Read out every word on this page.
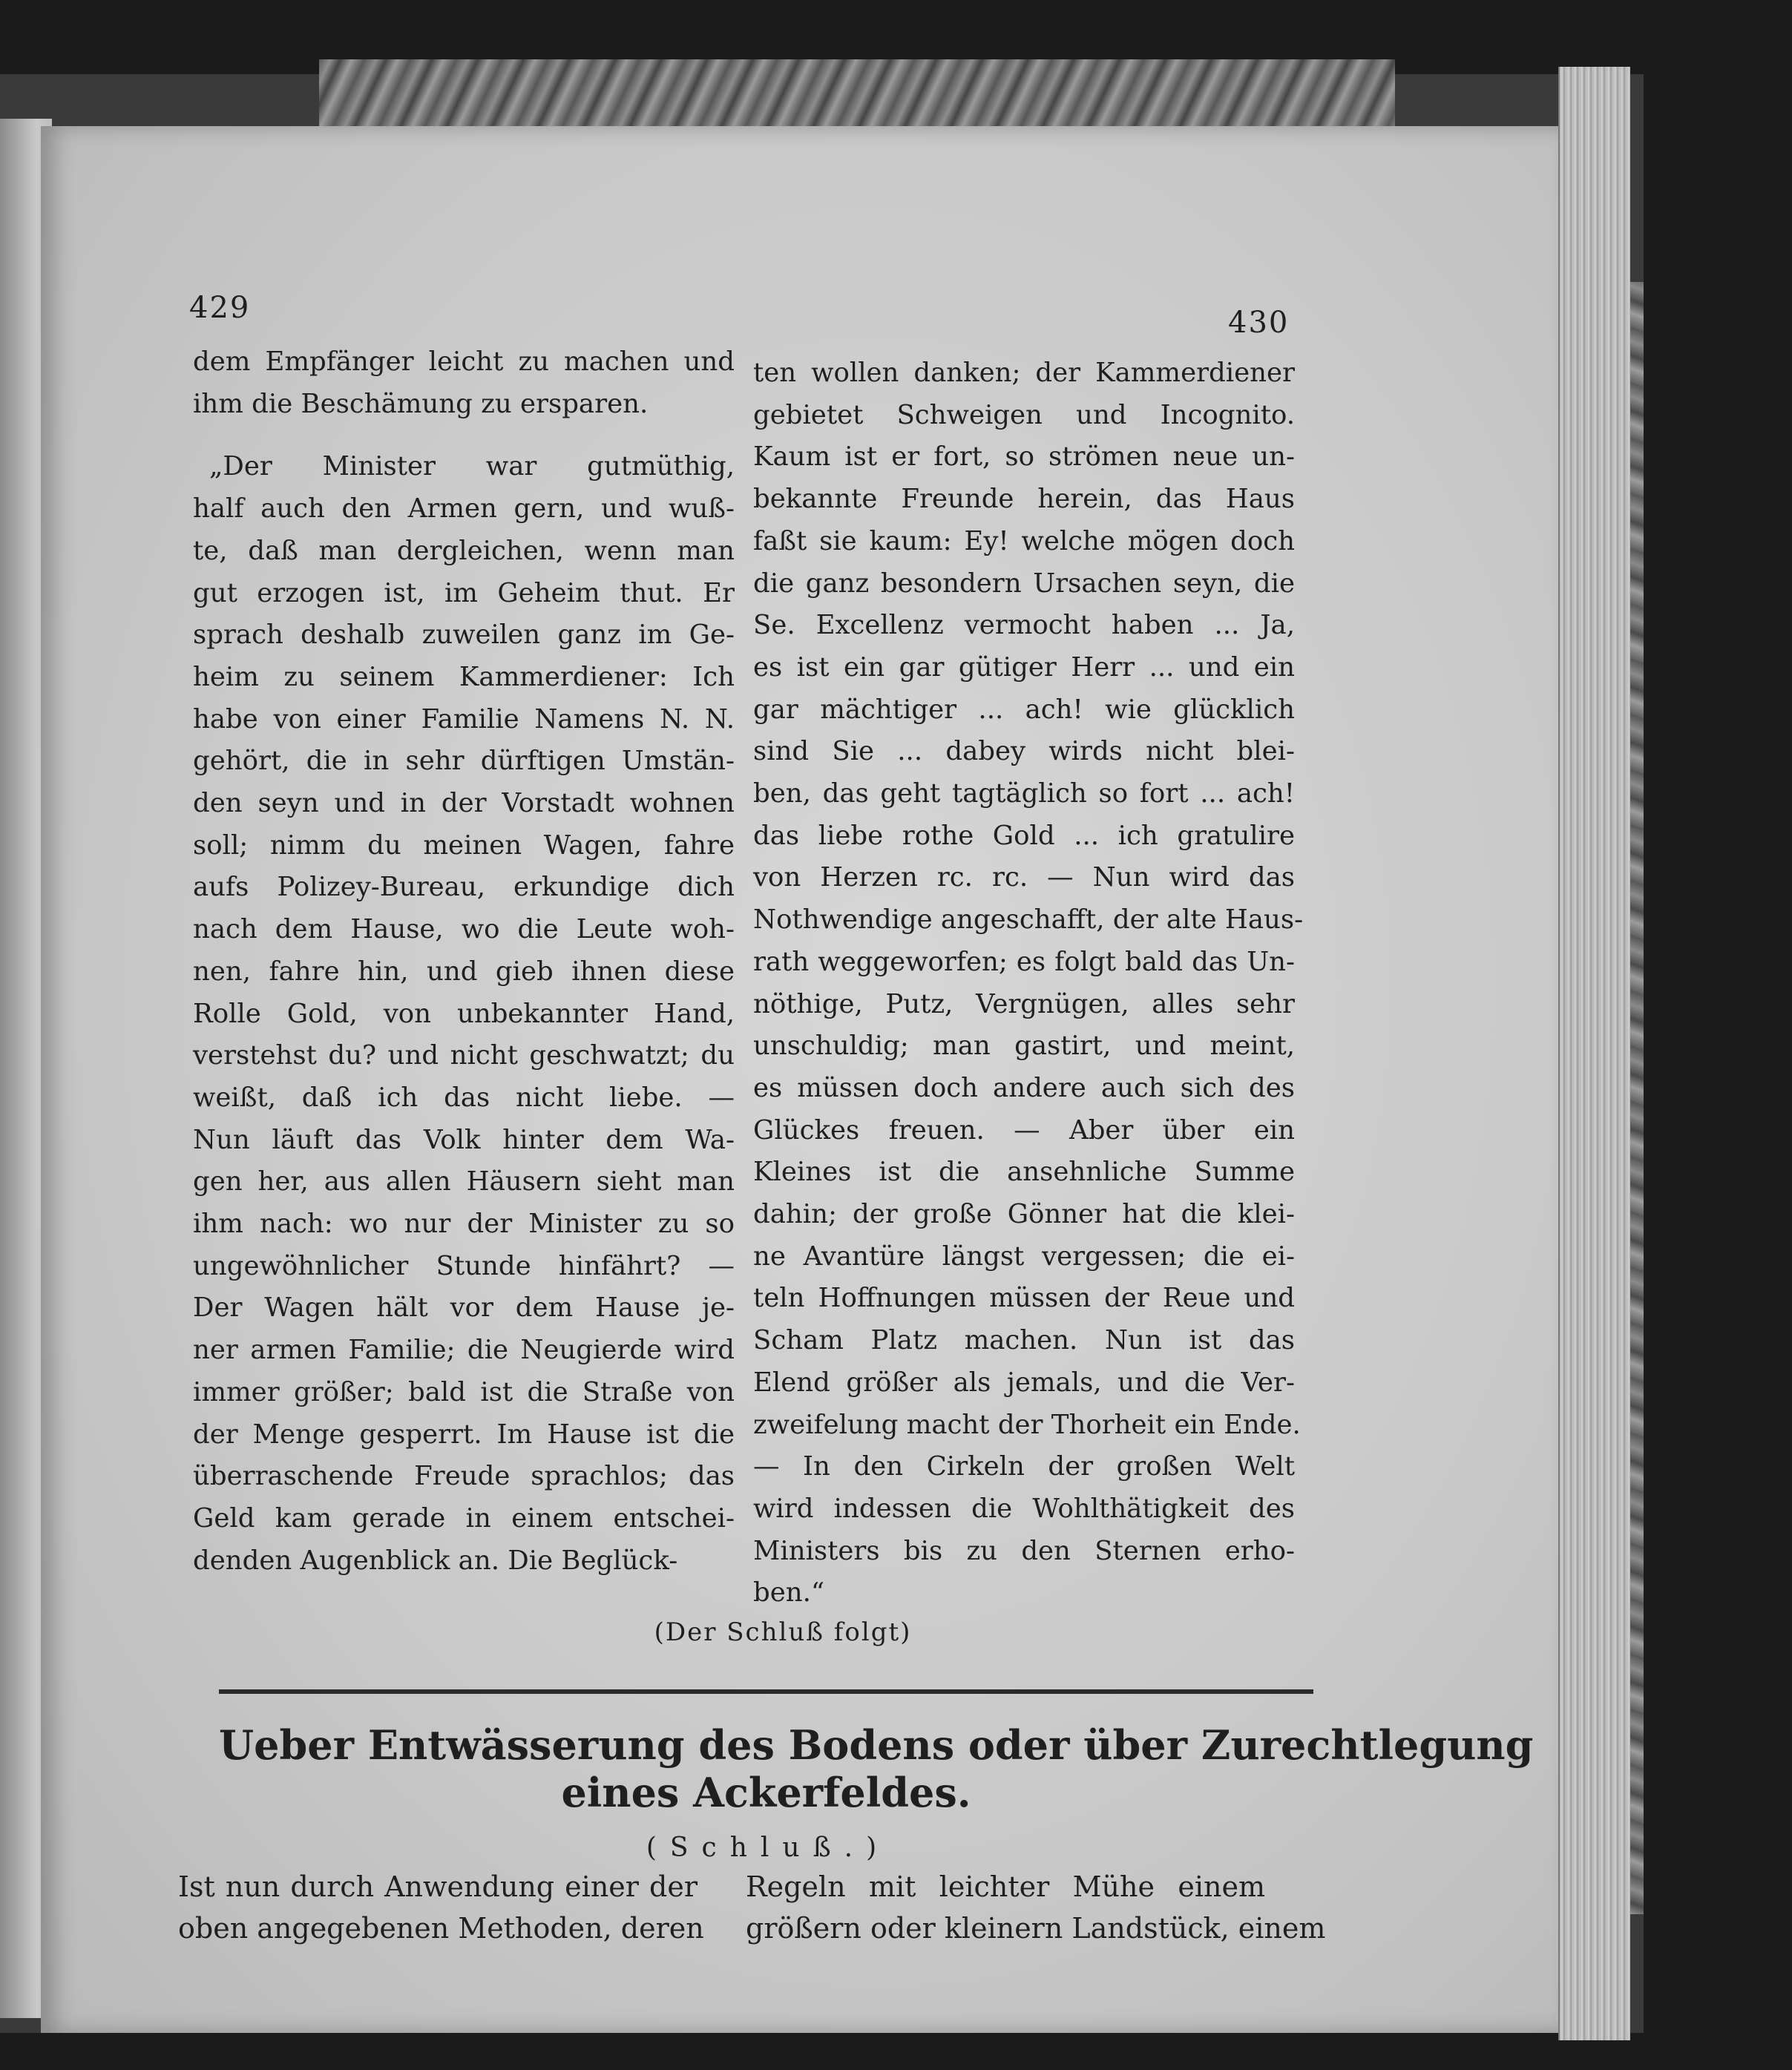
429	430
dem Empfänger leicht zu machen und
ihm die Beschämung zu ersparen.
„Der Minister war gutmüthig,
half auch den Armen gern, und wuß-
te, daß man dergleichen, wenn man
gut erzogen ist, im Geheim thut. Er
sprach deshalb zuweilen ganz im Ge-
heim zu seinem Kammerdiener: Ich
habe von einer Familie Namens N. N.
gehört, die in sehr dürftigen Umstän-
den seyn und in der Vorstadt wohnen
soll; nimm du meinen Wagen, fahre
aufs Polizey-Bureau, erkundige dich
nach dem Hause, wo die Leute woh-
nen, fahre hin, und gieb ihnen diese
Rolle Gold, von unbekannter Hand,
verstehst du? und nicht geschwatzt; du
weißt, daß ich das nicht liebe. —
Nun läuft das Volk hinter dem Wa-
gen her, aus allen Häusern sieht man
ihm nach: wo nur der Minister zu so
ungewöhnlicher Stunde hinfährt? —
Der Wagen hält vor dem Hause je-
ner armen Familie; die Neugierde wird
immer größer; bald ist die Straße von
der Menge gesperrt. Im Hause ist die
überraschende Freude sprachlos; das
Geld kam gerade in einem entschei-
denden Augenblick an. Die Beglück-
ten wollen danken; der Kammerdiener
gebietet Schweigen und Incognito.
Kaum ist er fort, so strömen neue un-
bekannte Freunde herein, das Haus
faßt sie kaum: Ey! welche mögen doch
die ganz besondern Ursachen seyn, die
Se. Excellenz vermocht haben ... Ja,
es ist ein gar gütiger Herr ... und ein
gar mächtiger ... ach! wie glücklich
sind Sie ... dabey wirds nicht blei-
ben, das geht tagtäglich so fort ... ach!
das liebe rothe Gold ... ich gratulire
von Herzen rc. rc. — Nun wird das
Nothwendige angeschafft, der alte Haus-
rath weggeworfen; es folgt bald das Un-
nöthige, Putz, Vergnügen, alles sehr
unschuldig; man gastirt, und meint,
es müssen doch andere auch sich des
Glückes freuen. — Aber über ein
Kleines ist die ansehnliche Summe
dahin; der große Gönner hat die klei-
ne Avantüre längst vergessen; die ei-
teln Hoffnungen müssen der Reue und
Scham Platz machen. Nun ist das
Elend größer als jemals, und die Ver-
zweifelung macht der Thorheit ein Ende.
— In den Cirkeln der großen Welt
wird indessen die Wohlthätigkeit des
Ministers bis zu den Sternen erho-
ben.“
(Der Schluß folgt)
Ueber Entwässerung des Bodens oder über Zurechtlegung
eines Ackerfeldes.
(Schluß.)
Ist nun durch Anwendung einer der
oben angegebenen Methoden, deren
Regeln mit leichter Mühe einem
größern oder kleinern Landstück, einem
